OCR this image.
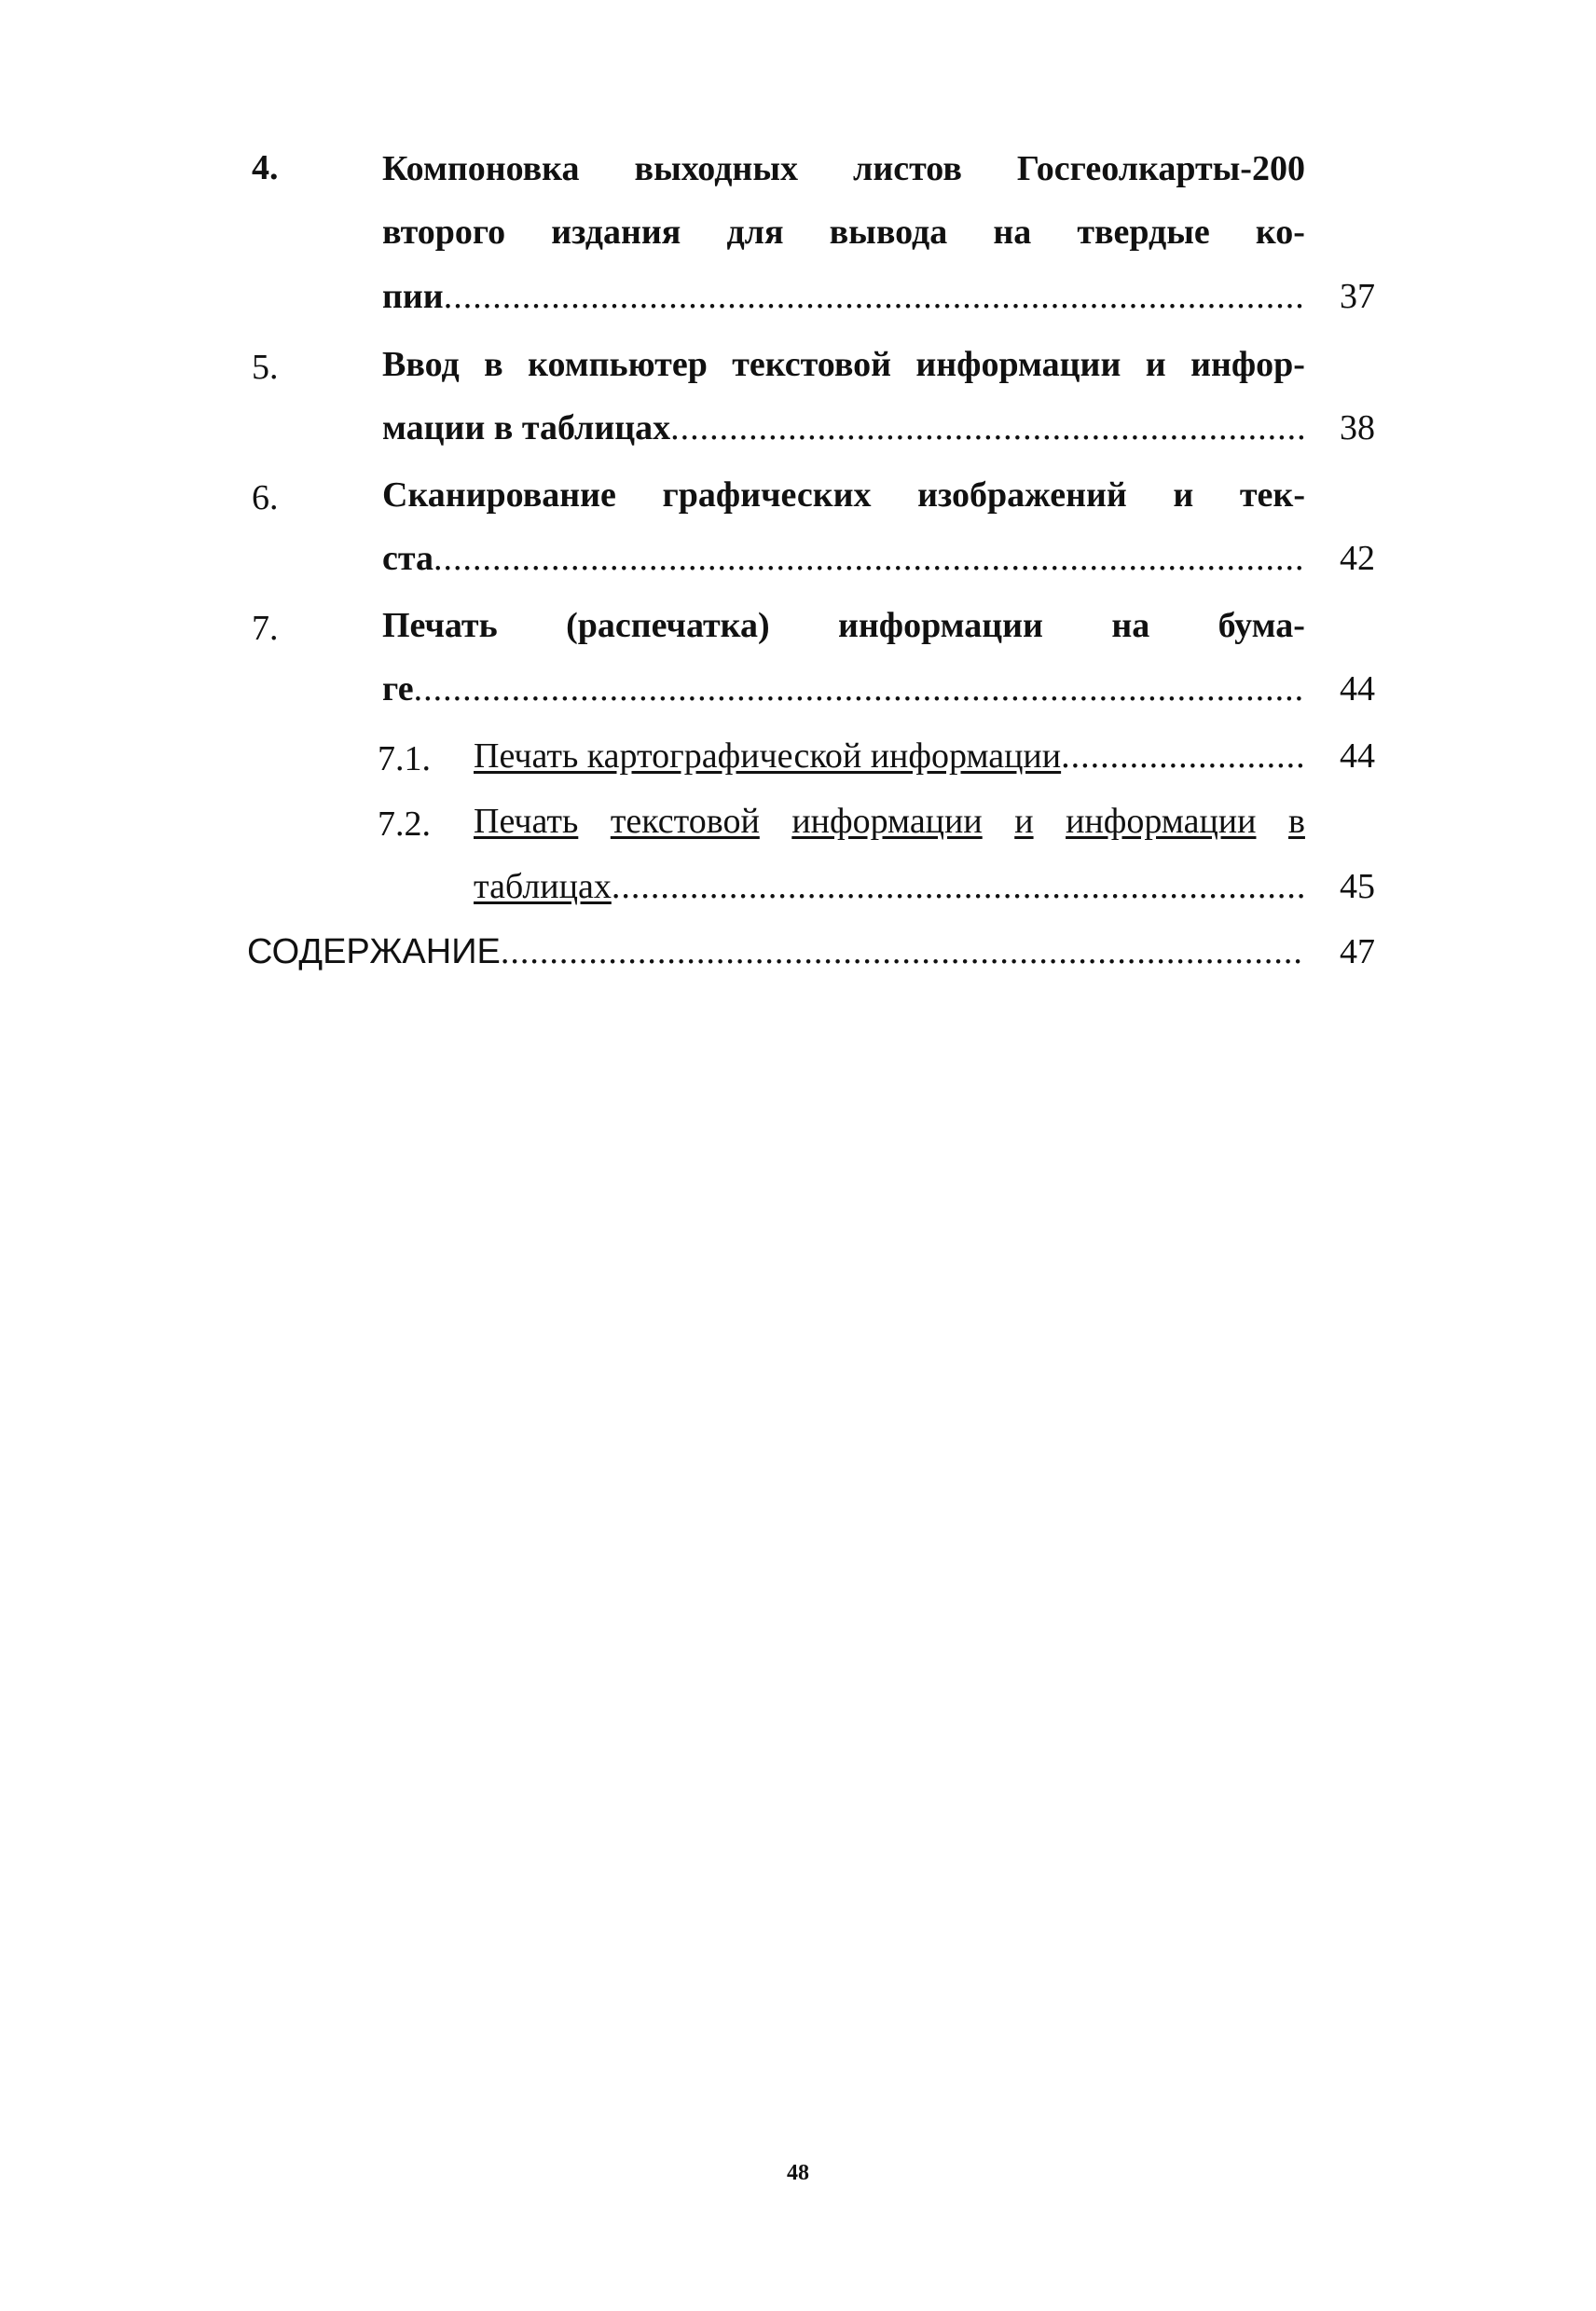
4.	Компоновка выходных листов Госгеолкарты-200
второго издания для вывода на твердые ко-
пии .....	37
5.	Ввод в компьютер текстовой информации и инфор-
мации в таблицах .....	38
6.	Сканирование графических изображений и тек-
ста .....	42
7.	Печать (распечатка) информации на бума-
ге .....	44
7.1. Печать картографической информации .....	44
7.2. Печать текстовой информации и информации в
таблицах .....	45
СОДЕРЖАНИЕ .....	47
48
